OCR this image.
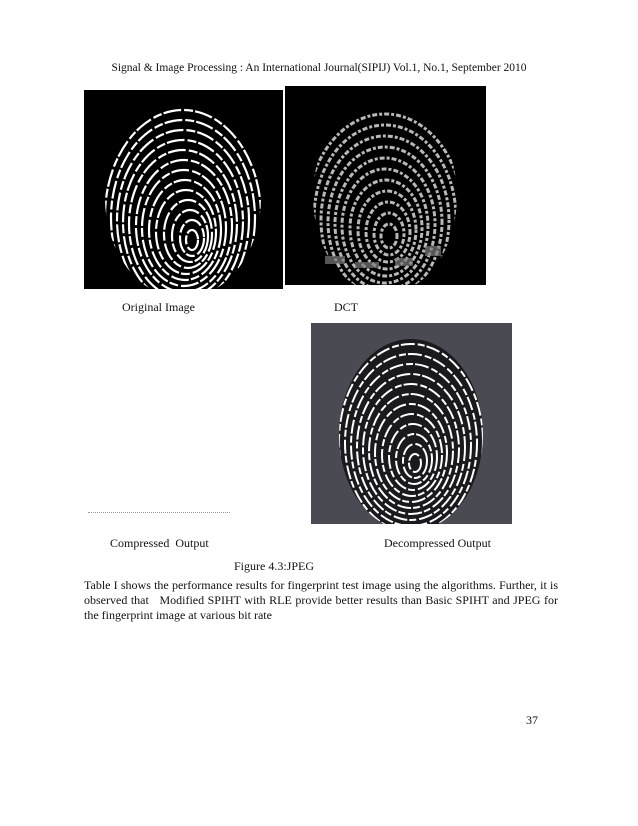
Signal & Image Processing : An International Journal(SIPIJ) Vol.1, No.1, September 2010
Original Image	DCT
Compressed  Output	Decompressed Output
Figure 4.3:JPEG
Table I shows the performance results for fingerprint test image using the algorithms. Further, it is observed that   Modified SPIHT with RLE provide better results than Basic SPIHT and JPEG for the fingerprint image at various bit rate
37
